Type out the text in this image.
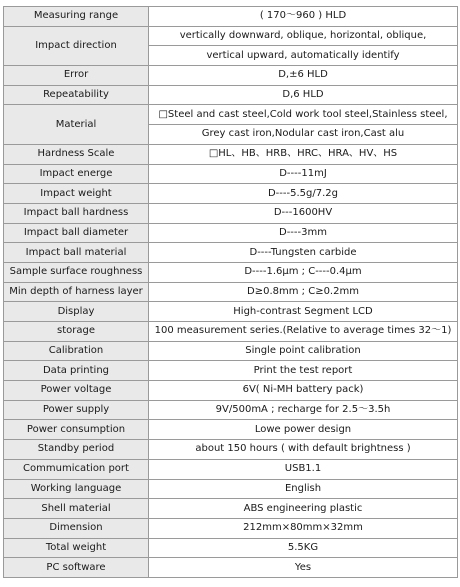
Measuring range	( 170～960 ) HLD
Impact direction	vertically downward, oblique, horizontal, oblique,
	vertical upward, automatically identify
Error	D,±6 HLD
Repeatability	D,6 HLD
Material	□Steel and cast steel,Cold work tool steel,Stainless steel,
	Grey cast iron,Nodular cast iron,Cast alu
Hardness Scale	□HL、HB、HRB、HRC、HRA、HV、HS
Impact energe	D----11mJ
Impact weight	D----5.5g/7.2g
Impact ball hardness	D---1600HV
Impact ball diameter	D----3mm
Impact ball material	D----Tungsten carbide
Sample surface roughness	D----1.6μm ; C----0.4μm
Min depth of harness layer	D≥0.8mm ; C≥0.2mm
Display	High-contrast Segment LCD
storage	100 measurement series.(Relative to average times 32～1)
Calibration	Single point calibration
Data printing	Print the test report
Power voltage	6V( Ni-MH battery pack)
Power supply	9V/500mA ; recharge for 2.5～3.5h
Power consumption	Lowe power design
Standby period	about 150 hours ( with default brightness )
Commumication port	USB1.1
Working language	English
Shell material	ABS engineering plastic
Dimension	212mm×80mm×32mm
Total weight	5.5KG
PC software	Yes
